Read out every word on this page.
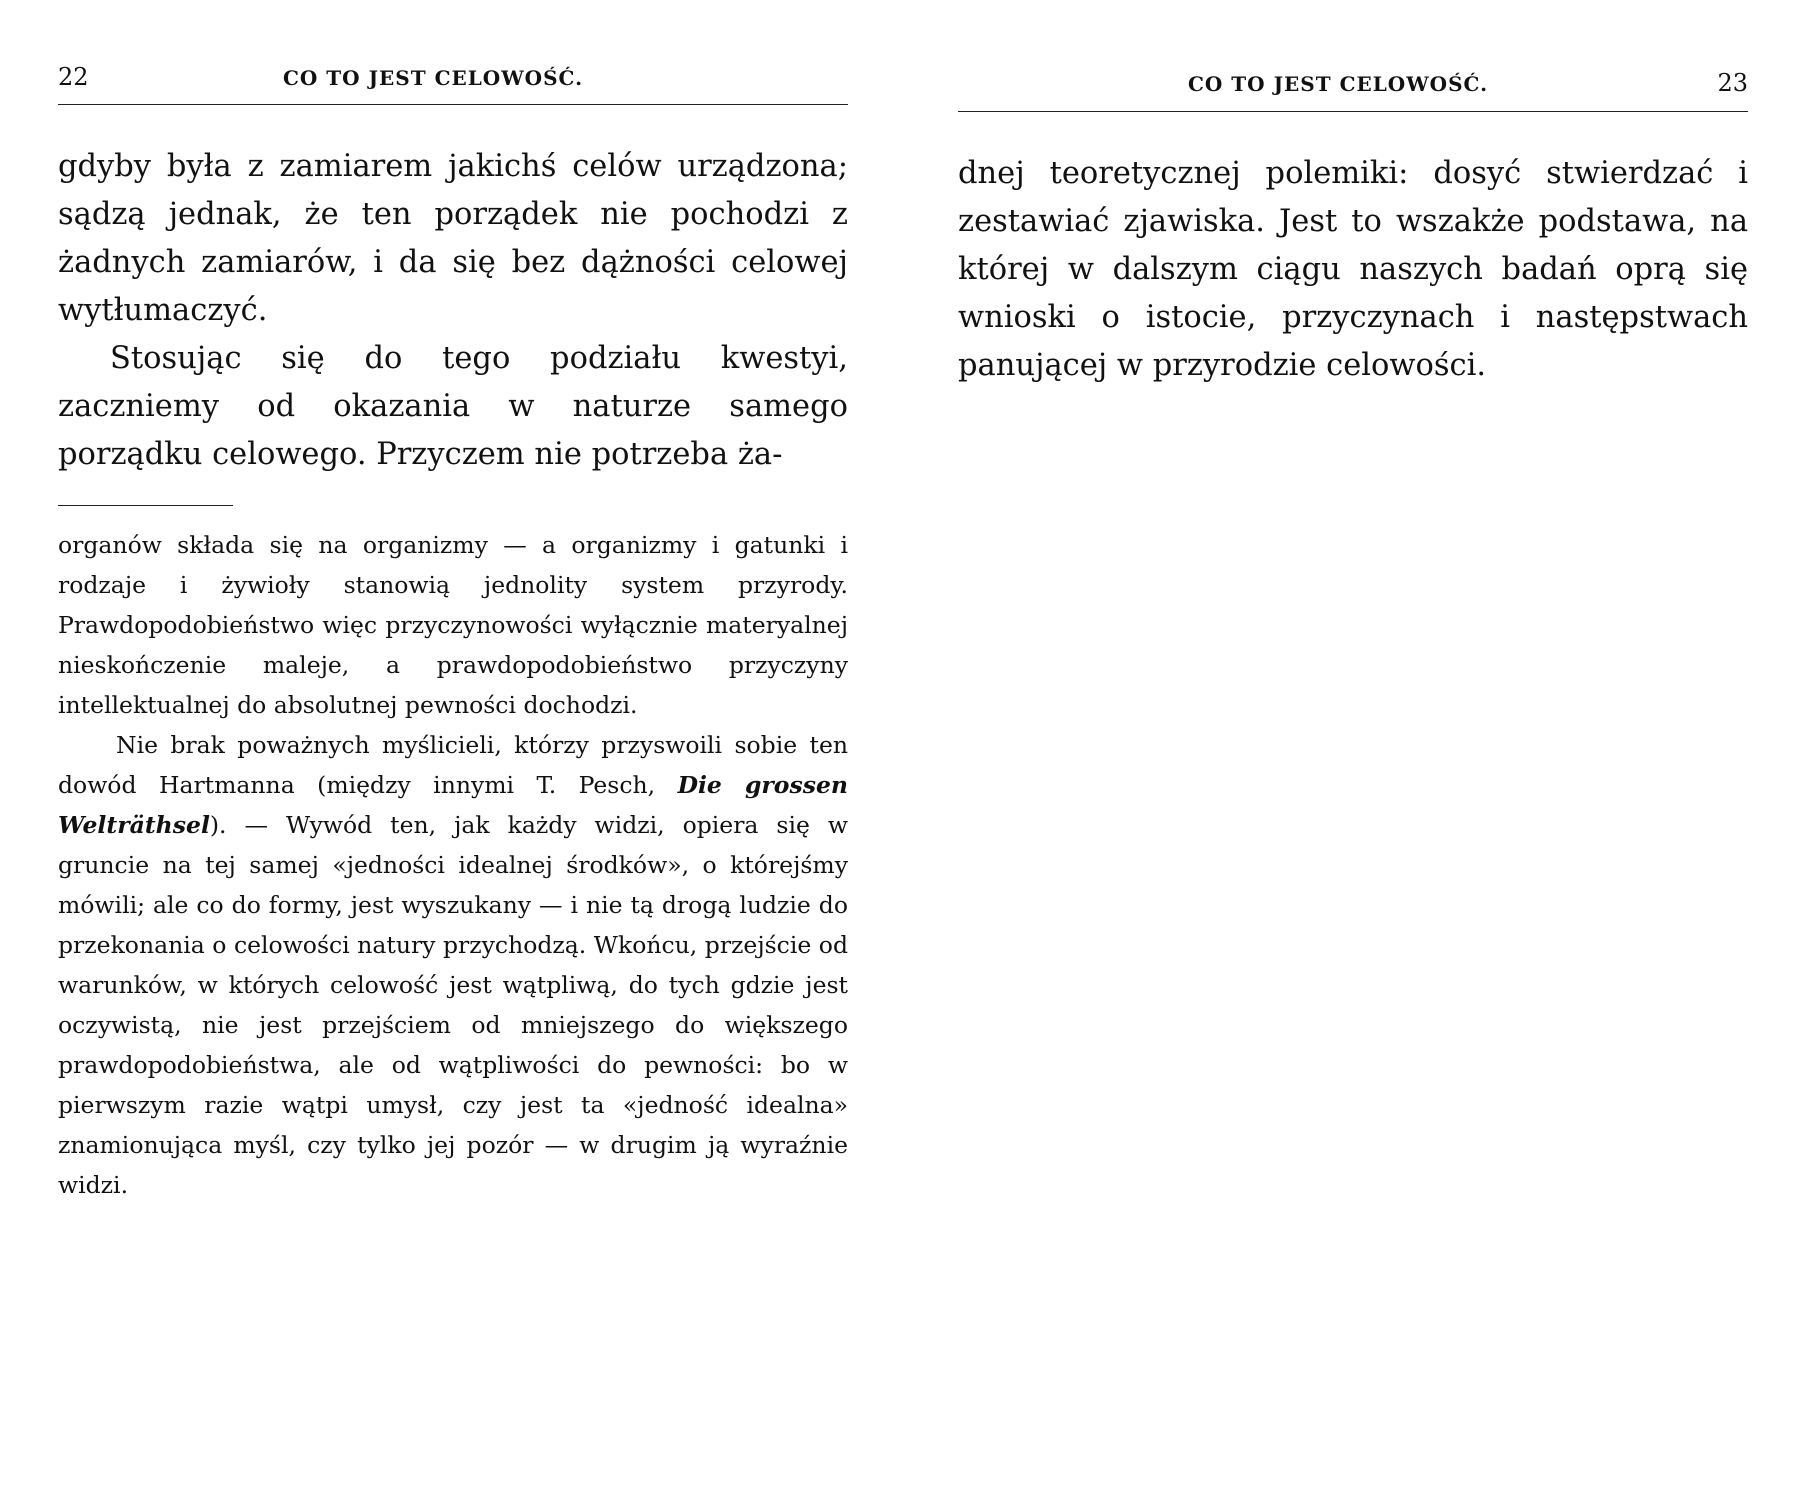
22	CO TO JEST CELOWOŚĆ.

gdyby była z zamiarem jakichś celów urządzona; sądzą jednak, że ten porządek nie pochodzi z żadnych zamiarów, i da się bez dążności celowej wytłumaczyć.

Stosując się do tego podziału kwestyi, zaczniemy od okazania w naturze samego porządku celowego. Przyczem nie potrzeba ża-

organów składa się na organizmy — a organizmy i gatunki i rodzaje i żywioły stanowią jednolity system przyrody. Prawdopodobieństwo więc przyczynowości wyłącznie materyalnej nieskończenie maleje, a prawdopodobieństwo przyczyny intellektualnej do absolutnej pewności dochodzi.

Nie brak poważnych myślicieli, którzy przyswoili sobie ten dowód Hartmanna (między innymi T. Pesch, Die grossen Welträthsel). — Wywód ten, jak każdy widzi, opiera się w gruncie na tej samej «jedności idealnej środków», o którejśmy mówili; ale co do formy, jest wyszukany — i nie tą drogą ludzie do przekonania o celowości natury przychodzą. Wkońcu, przejście od warunków, w których celowość jest wątpliwą, do tych gdzie jest oczywistą, nie jest przejściem od mniejszego do większego prawdopodobieństwa, ale od wątpliwości do pewności: bo w pierwszym razie wątpi umysł, czy jest ta «jedność idealna» znamionująca myśl, czy tylko jej pozór — w drugim ją wyraźnie widzi.

CO TO JEST CELOWOŚĆ.	23

dnej teoretycznej polemiki: dosyć stwierdzać i zestawiać zjawiska. Jest to wszakże podstawa, na której w dalszym ciągu naszych badań oprą się wnioski o istocie, przyczynach i następstwach panującej w przyrodzie celowości.
